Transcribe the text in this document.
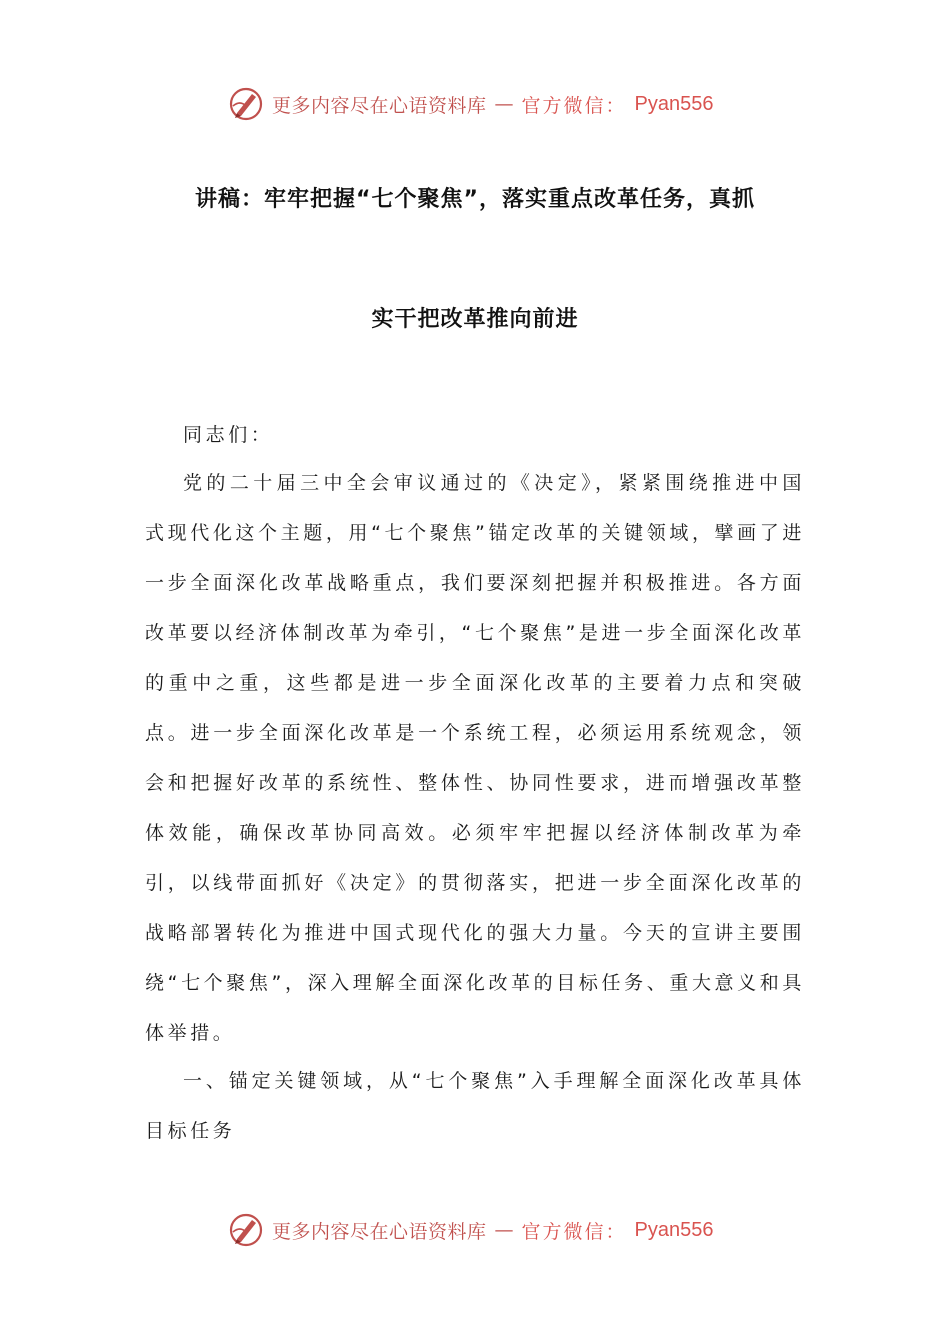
更多内容尽在心语资料库 — 官方微信： Pyan556
讲稿：牢牢把握“七个聚焦”，落实重点改革任务，真抓
实干把改革推向前进

同志们：

党的二十届三中全会审议通过的《决定》，紧紧围绕推进中国式现代化这个主题，用“七个聚焦”锚定改革的关键领域，擘画了进一步全面深化改革战略重点，我们要深刻把握并积极推进。各方面改革要以经济体制改革为牵引，“七个聚焦”是进一步全面深化改革的重中之重，这些都是进一步全面深化改革的主要着力点和突破点。进一步全面深化改革是一个系统工程，必须运用系统观念，领会和把握好改革的系统性、整体性、协同性要求，进而增强改革整体效能，确保改革协同高效。必须牢牢把握以经济体制改革为牵引，以线带面抓好《决定》的贯彻落实，把进一步全面深化改革的战略部署转化为推进中国式现代化的强大力量。今天的宣讲主要围绕“七个聚焦”，深入理解全面深化改革的目标任务、重大意义和具体举措。

一、锚定关键领域，从“七个聚焦”入手理解全面深化改革具体目标任务

更多内容尽在心语资料库 — 官方微信： Pyan556
